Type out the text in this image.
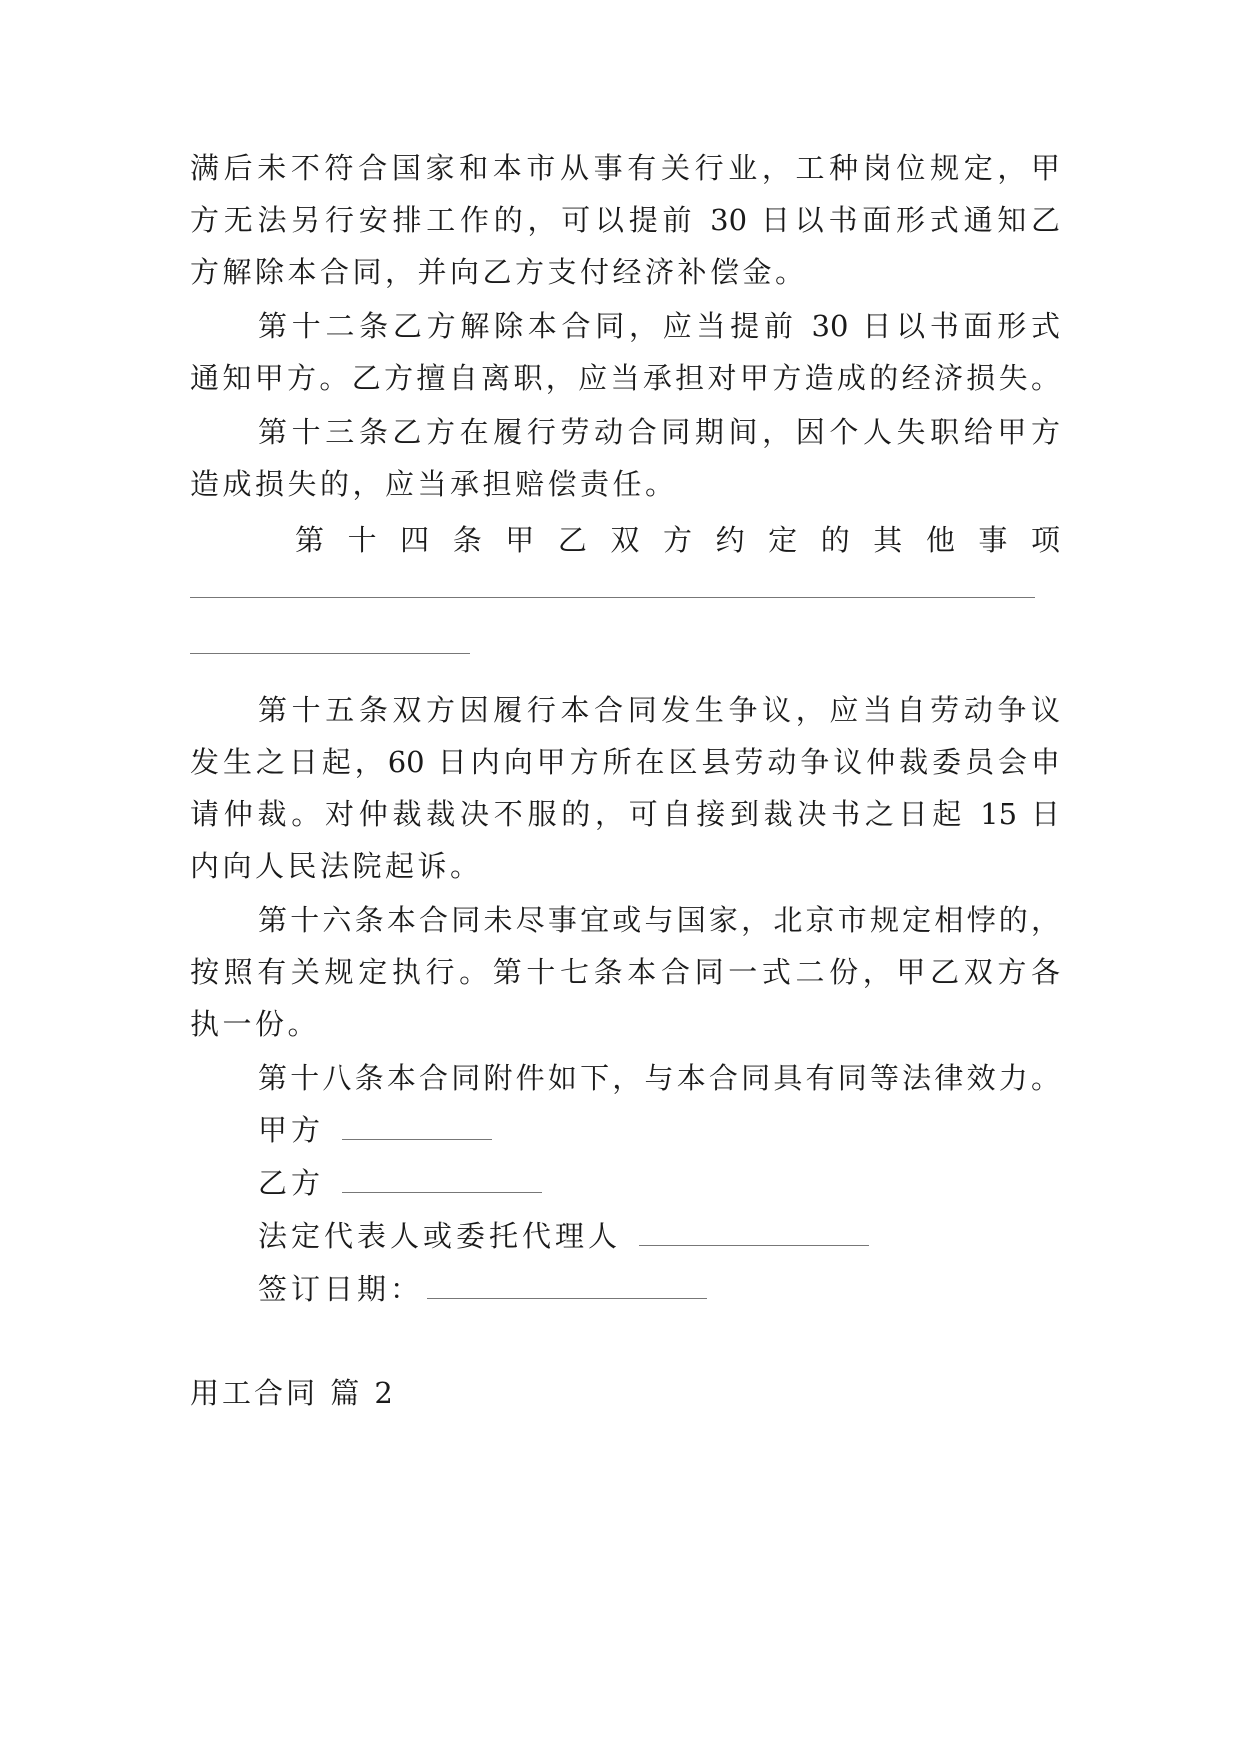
满后未不符合国家和本市从事有关行业，工种岗位规定，甲
方无法另行安排工作的，可以提前 30 日以书面形式通知乙
方解除本合同，并向乙方支付经济补偿金。
第十二条乙方解除本合同，应当提前 30 日以书面形式
通知甲方。乙方擅自离职，应当承担对甲方造成的经济损失。
第十三条乙方在履行劳动合同期间，因个人失职给甲方
造成损失的，应当承担赔偿责任。
第 十 四 条 甲 乙 双 方 约 定 的 其 他 事 项
第十五条双方因履行本合同发生争议，应当自劳动争议
发生之日起，60 日内向甲方所在区县劳动争议仲裁委员会申
请仲裁。对仲裁裁决不服的，可自接到裁决书之日起 15 日
内向人民法院起诉。
第十六条本合同未尽事宜或与国家，北京市规定相悖的，
按照有关规定执行。第十七条本合同一式二份，甲乙双方各
执一份。
第十八条本合同附件如下，与本合同具有同等法律效力。
甲方
乙方
法定代表人或委托代理人
签订日期：
用工合同 篇 2
